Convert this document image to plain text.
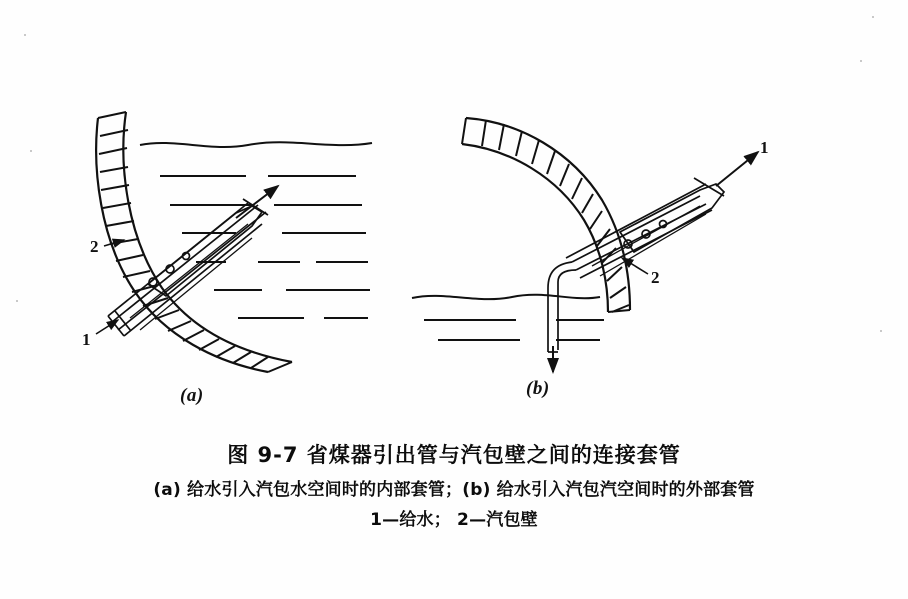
(a)	(b)
1
2
1
2
图 9-7 省煤器引出管与汽包壁之间的连接套管
(a) 给水引入汽包水空间时的内部套管；(b) 给水引入汽包汽空间时的外部套管
1—给水； 2—汽包壁
